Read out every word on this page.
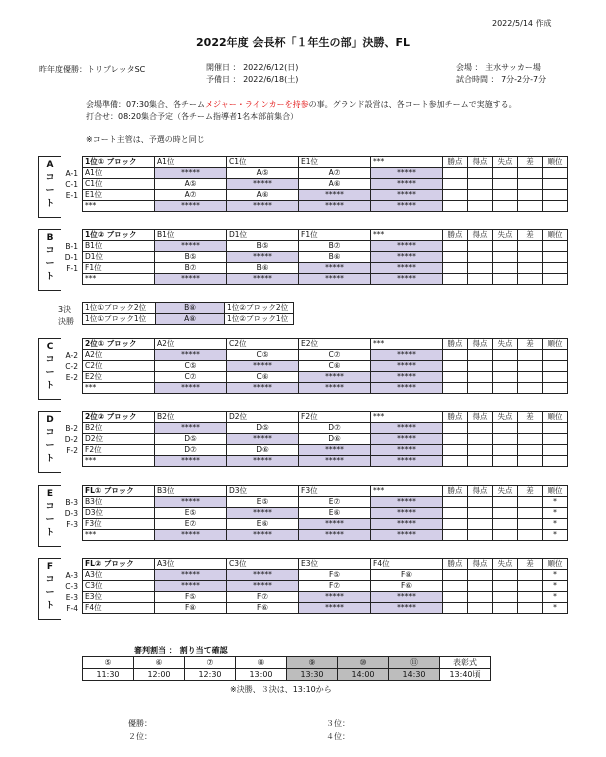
2022/5/14 作成
2022年度 会長杯「１年生の部」決勝、FL
昨年度優勝：トリプレッタSC	開催日 ： 2022/6/12(日)
予備日 ： 2022/6/18(土)
会場 ： 主水サッカー場
試合時間 ： 7分-2分-7分
会場準備：07:30集合、各チームメジャー・ラインカーを持参の事。グランド設営は、各コート参加チームで実施する。
打合せ：08:20集合予定（各チーム指導者1名本部前集合）
※コート主管は、予選の時と同じ
A
コ
ー
ト
A-1
C-1
E-1
1位① ブロック	A1位	C1位	E1位	***	勝点	得点	失点	差	順位
A1位	*****	A⑤	A⑦	*****					
C1位	A⑤	*****	A⑥	*****					
E1位	A⑦	A⑥	*****	*****					
***	*****	*****	*****	*****					
B
コ
ー
ト
B-1
D-1
F-1
1位② ブロック	B1位	D1位	F1位	***	勝点	得点	失点	差	順位
B1位	*****	B⑤	B⑦	*****					
D1位	B⑤	*****	B⑥	*****					
F1位	B⑦	B⑥	*****	*****					
***	*****	*****	*****	*****					
C
コ
ー
ト
A-2
C-2
E-2
2位① ブロック	A2位	C2位	E2位	***	勝点	得点	失点	差	順位
A2位	*****	C⑤	C⑦	*****					
C2位	C⑤	*****	C⑥	*****					
E2位	C⑦	C⑥	*****	*****					
***	*****	*****	*****	*****					
D
コ
ー
ト
B-2
D-2
F-2
2位② ブロック	B2位	D2位	F2位	***	勝点	得点	失点	差	順位
B2位	*****	D⑤	D⑦	*****					
D2位	D⑤	*****	D⑥	*****					
F2位	D⑦	D⑥	*****	*****					
***	*****	*****	*****	*****					
E
コ
ー
ト
B-3
D-3
F-3
FL① ブロック	B3位	D3位	F3位	***	勝点	得点	失点	差	順位
B3位	*****	E⑤	E⑦	*****					*
D3位	E⑤	*****	E⑥	*****					*
F3位	E⑦	E⑥	*****	*****					*
***	*****	*****	*****	*****					*
F
コ
ー
ト
A-3
C-3
E-3
F-4
FL② ブロック	A3位	C3位	E3位	F4位	勝点	得点	失点	差	順位
A3位	*****	*****	F⑤	F⑧					*
C3位	*****	*****	F⑦	F⑥					*
E3位	F⑤	F⑦	*****	*****					*
F4位	F⑧	F⑥	*****	*****					*
3決
決勝
1位①ブロック2位	B⑧	1位②ブロック2位
1位①ブロック1位	A⑧	1位②ブロック1位
審判割当 ： 割り当て確認
⑤	⑥	⑦	⑧	⑨	⑩	⑪	表彰式
11:30	12:00	12:30	13:00	13:30	14:00	14:30	13:40頃
※決勝、３決は、13:10から
優勝：
２位：
３位：
４位：
